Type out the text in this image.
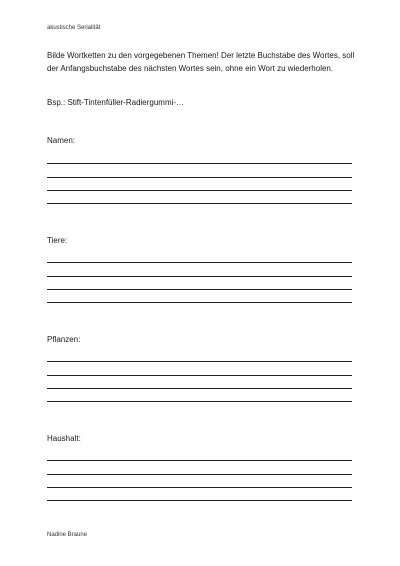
akustische Serialität
Bilde Wortketten zu den vorgegebenen Themen! Der letzte Buchstabe des Wortes, soll der Anfangsbuchstabe des nächsten Wortes sein, ohne ein Wort zu wiederholen.
Bsp.: Stift-Tintenfüller-Radiergummi-…
Namen:
Tiere:
Pflanzen:
Haushalt:
Nadine Braune
